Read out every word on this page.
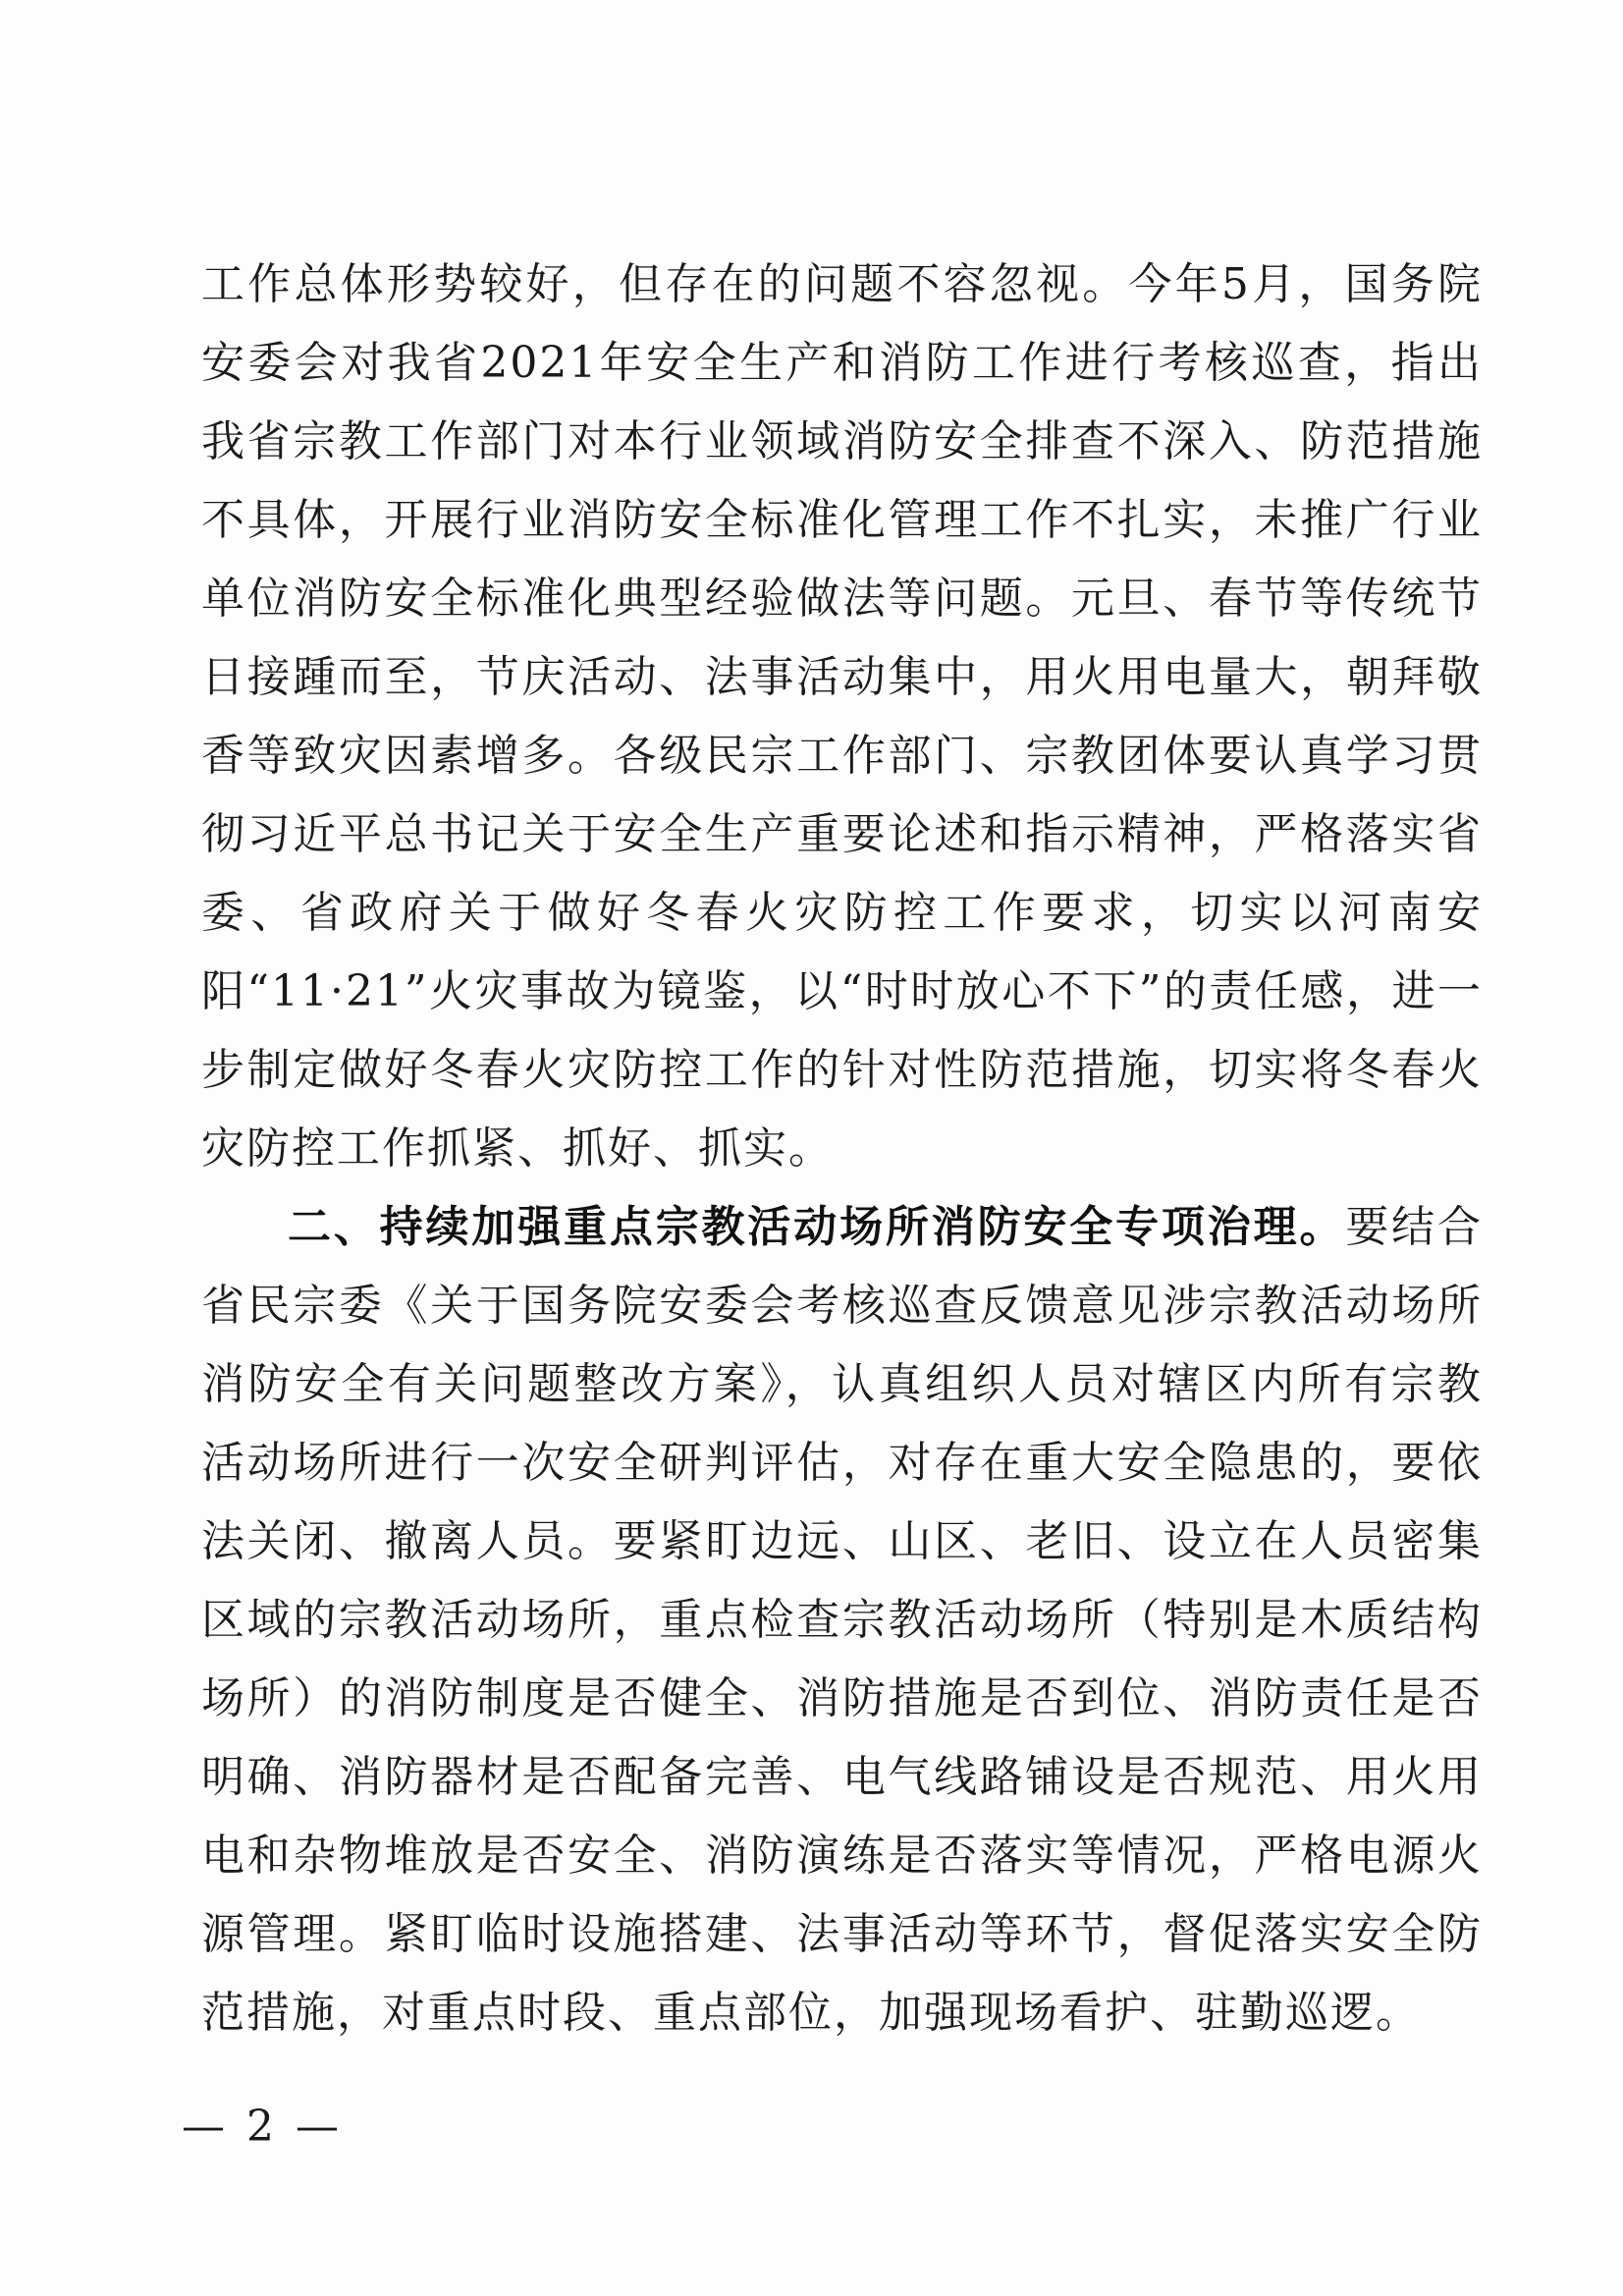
工作总体形势较好，但存在的问题不容忽视。今年5月，国务院安委会对我省2021年安全生产和消防工作进行考核巡查，指出我省宗教工作部门对本行业领域消防安全排查不深入、防范措施不具体，开展行业消防安全标准化管理工作不扎实，未推广行业单位消防安全标准化典型经验做法等问题。元旦、春节等传统节日接踵而至，节庆活动、法事活动集中，用火用电量大，朝拜敬香等致灾因素增多。各级民宗工作部门、宗教团体要认真学习贯彻习近平总书记关于安全生产重要论述和指示精神，严格落实省委、省政府关于做好冬春火灾防控工作要求，切实以河南安阳“11·21”火灾事故为镜鉴，以“时时放心不下”的责任感，进一步制定做好冬春火灾防控工作的针对性防范措施，切实将冬春火灾防控工作抓紧、抓好、抓实。

二、持续加强重点宗教活动场所消防安全专项治理。要结合省民宗委《关于国务院安委会考核巡查反馈意见涉宗教活动场所消防安全有关问题整改方案》，认真组织人员对辖区内所有宗教活动场所进行一次安全研判评估，对存在重大安全隐患的，要依法关闭、撤离人员。要紧盯边远、山区、老旧、设立在人员密集区域的宗教活动场所，重点检查宗教活动场所（特别是木质结构场所）的消防制度是否健全、消防措施是否到位、消防责任是否明确、消防器材是否配备完善、电气线路铺设是否规范、用火用电和杂物堆放是否安全、消防演练是否落实等情况，严格电源火源管理。紧盯临时设施搭建、法事活动等环节，督促落实安全防范措施，对重点时段、重点部位，加强现场看护、驻勤巡逻。

— 2 —
